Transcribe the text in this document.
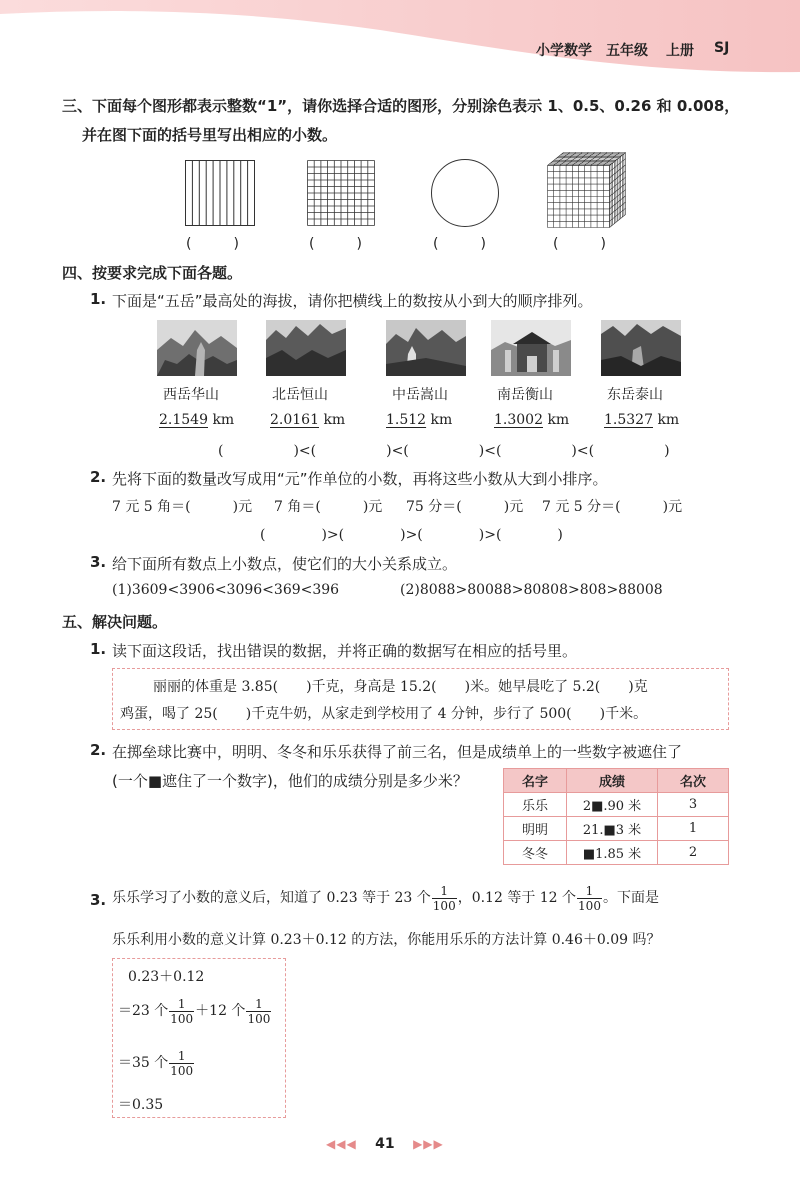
小学数学 五年级 上册 SJ
三、下面每个图形都表示整数“1”，请你选择合适的图形，分别涂色表示 1、0.5、0.26 和 0.008，
并在图下面的括号里写出相应的小数。
(　　　)	(　　　)	(　　　)	(　　　)
四、按要求完成下面各题。
1. 下面是“五岳”最高处的海拔，请你把横线上的数按从小到大的顺序排列。
西岳华山	北岳恒山	中岳嵩山	南岳衡山	东岳泰山
2.1549 km	2.0161 km	1.512 km	1.3002 km 1.5327 km
(　　　　　)<(　　　　　)<(　　　　　)<(　　　　　)<(　　　　　)
2. 先将下面的数量改写成用“元”作单位的小数，再将这些小数从大到小排序。
7 元 5 角＝(　　　)元 7 角＝(　　　)元 75 分＝(　　　)元 7 元 5 分＝(　　　)元
(　　　　)>(　　　　)>(　　　　)>(　　　　)
3. 给下面所有数点上小数点，使它们的大小关系成立。
(1)3609<3906<3096<369<396	(2)8088>80088>80808>808>88008
五、解决问题。
1. 读下面这段话，找出错误的数据，并将正确的数据写在相应的括号里。
丽丽的体重是 3.85(　　)千克，身高是 15.2(　　)米。她早晨吃了 5.2(　　)克
鸡蛋，喝了 25(　　)千克牛奶，从家走到学校用了 4 分钟，步行了 500(　　)千米。
2. 在掷垒球比赛中，明明、冬冬和乐乐获得了前三名，但是成绩单上的一些数字被遮住了
(一个■遮住了一个数字)，他们的成绩分别是多少米？	名字	成绩	名次
乐乐	2■.90 米	3
明明	21.■3 米	1
冬冬	■1.85 米	2
3. 乐乐学习了小数的意义后，知道了 0.23 等于 23 个 $\frac{1}{100}$ ，0.12 等于 12 个 $\frac{1}{100}$ 。下面是
乐乐利用小数的意义计算 0.23＋0.12 的方法，你能用乐乐的方法计算 0.46＋0.09 吗？
0.23＋0.12
＝23 个 $\frac{1}{100} +12$ 个 $\frac{1}{100}$
＝35 个 $\frac{1}{100}$
＝0.35
◀◀◀ 41 ▶▶▶
